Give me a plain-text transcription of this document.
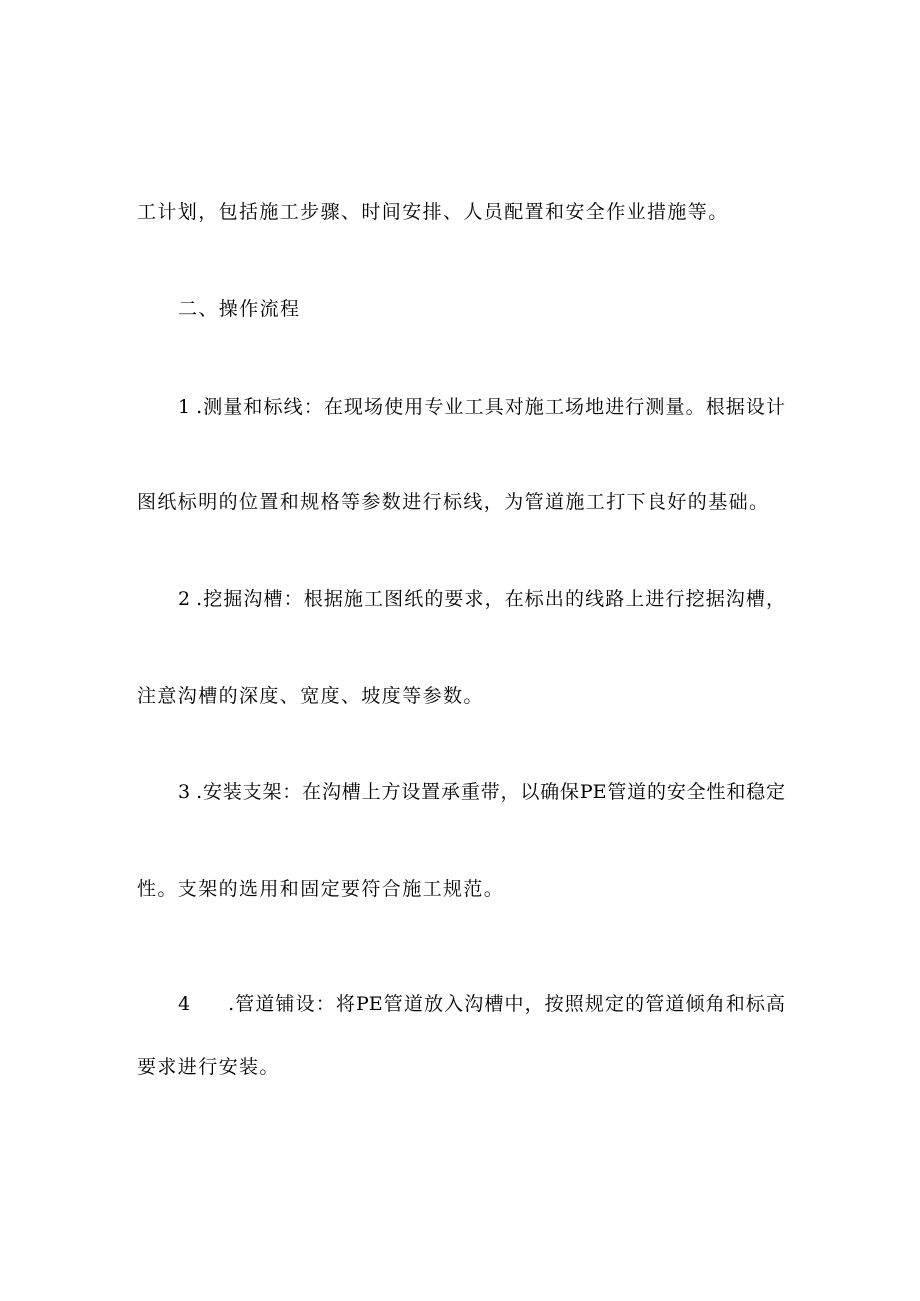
工计划，包括施工步骤、时间安排、人员配置和安全作业措施等。
二、操作流程
1 .测量和标线：在现场使用专业工具对施工场地进行测量。根据设计
图纸标明的位置和规格等参数进行标线，为管道施工打下良好的基础。
2 .挖掘沟槽：根据施工图纸的要求，在标出的线路上进行挖据沟槽，
注意沟槽的深度、宽度、坡度等参数。
3 .安装支架：在沟槽上方设置承重带，以确保PE管道的安全性和稳定
性。支架的选用和固定要符合施工规范。
4 .管道铺设：将PE管道放入沟槽中，按照规定的管道倾角和标高
要求进行安装。
